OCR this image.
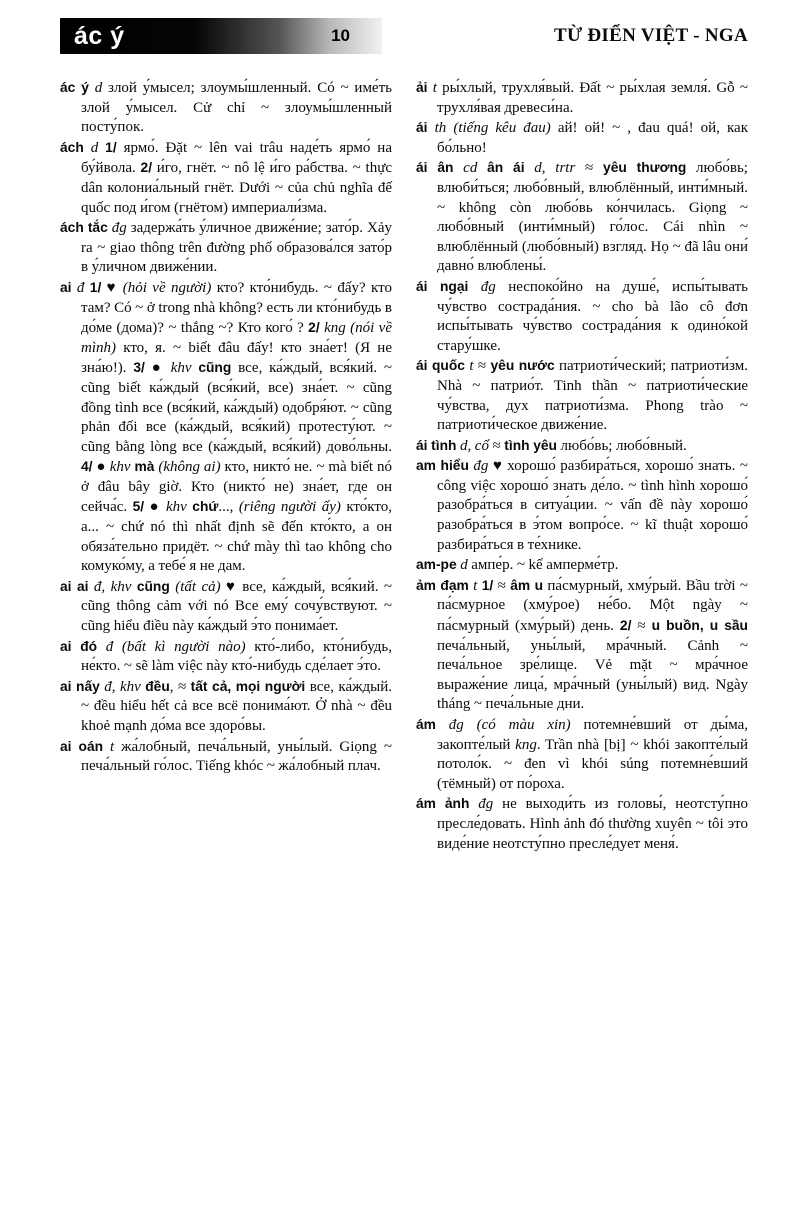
ác ý	10	TỪ ĐIỂN VIỆT - NGA

ác ý d злой у́мысел; злоумы́шленный. Có ~ име́ть злой у́мысел. Cử chỉ ~ злоумы́шленный посту́пок.

ách d 1/ ярмо́. Đặt ~ lên vai trâu наде́ть ярмо́ на бу́йвола. 2/ и́го, гнёт. ~ nô lệ и́го ра́бства. ~ thực dân колониа́льный гнёт. Dưới ~ của chủ nghĩa đế quốc под и́гом (гнётом) империали́зма.

ách tắc đg задержа́ть у́личное движе́ние; зато́р. Xảy ra ~ giao thông trên đường phố образова́лся зато́р в у́личном движе́нии.

ai đ 1/ ♥ (hỏi về người) кто? кто́нибудь. ~ đấy? кто там? Có ~ ở trong nhà không? есть ли кто́нибудь в до́ме (дома)? ~ thắng ~? Кто кого́ ? 2/ kng (nói về mình) кто, я. ~ biết đâu đấy! кто зна́ет! (Я не зна́ю!). 3/ ● khv cũng все, ка́ждый, вся́кий. ~ cũng biết ка́ждый (вся́кий, все) зна́ет. ~ cũng đồng tình все (вся́кий, ка́ждый) одобря́ют. ~ cũng phản đối все (ка́ждый, вся́кий) протесту́ют. ~ cũng bằng lòng все (ка́ждый, вся́кий) дово́льны. 4/ ● khv mà (không ai) кто, никто́ не. ~ mà biết nó ở đâu bây giờ. Кто (никто́ не) зна́ет, где он сейча́с. 5/ ● khv chứ..., (riêng người ấy) кто́кто, а... ~ chứ nó thì nhất định sẽ đến кто́кто, а он обяза́тельно придёт. ~ chứ mày thì tao không cho комуко́му, а тебе́ я не дам.

ai ai đ, khv cũng (tất cả) ♥ все, ка́ждый, вся́кий. ~ cũng thông cảm với nó Все ему́ сочу́вствуют. ~ cũng hiểu điều này ка́ждый э́то понима́ет.

ai đó đ (bất kì người nào) кто́-либо, кто́нибудь, не́кто. ~ sẽ làm việc này кто́-нибудь сде́лает э́то.

ai nấy đ, khv đều, ≈ tất cả, mọi người все, ка́ждый. ~ đều hiểu hết cả все всё понима́ют. Ở nhà ~ đều khoẻ mạnh до́ма все здоро́вы.

ai oán t жа́лобный, печа́льный, уны́лый. Giọng ~ печа́льный го́лос. Tiếng khóc ~ жа́лобный плач.

ải t ры́хлый, трухля́вый. Đất ~ ры́хлая земля́. Gỗ ~ трухля́вая древеси́на.

ái th (tiếng kêu đau) ай! ой! ~ , đau quá! ой, как бо́льно!

ái ân cd ân ái d, trtr ≈ yêu thương любо́вь; влюби́ться; любо́вный, влюблённый, инти́мный. ~ không còn любо́вь ко́нчилась. Giọng ~ любо́вный (инти́мный) го́лос. Cái nhìn ~ влюблённый (любо́вный) взгляд. Họ ~ đã lâu они́ давно́ влюблены́.

ái ngại đg неспоко́йно на душе́, испы́тывать чу́вство сострада́ния. ~ cho bà lão cô đơn испы́тывать чу́вство сострада́ния к одино́кой стару́шке.

ái quốc t ≈ yêu nước патриоти́ческий; патриоти́зм. Nhà ~ патрио́т. Tinh thần ~ патриоти́ческие чу́вства, дух патриоти́зма. Phong trào ~ патриоти́ческое движе́ние.

ái tình d, cổ ≈ tình yêu любо́вь; любо́вный.

am hiểu đg ♥ хорошо́ разбира́ться, хорошо́ знать. ~ công việc хорошо́ знать де́ло. ~ tình hình хорошо́ разобра́ться в ситуа́ции. ~ vấn đề này хорошо́ разобра́ться в э́том вопро́се. ~ kĩ thuật хорошо́ разбира́ться в те́хнике.

am-pe d ампе́р. ~ kế амперме́тр.

ảm đạm t 1/ ≈ âm u па́смурный, хму́рый. Bầu trời ~ па́смурное (хму́рое) не́бо. Một ngày ~ па́смурный (хму́рый) день. 2/ ≈ u buồn, u sầu печа́льный, уны́лый, мра́чный. Cảnh ~ печа́льное зре́лище. Vẻ mặt ~ мра́чное выраже́ние лица́, мра́чный (уны́лый) вид. Ngày tháng ~ печа́льные дни.

ám đg (có màu xin) потемне́вший от ды́ма, закопте́лый kng. Trần nhà [bị] ~ khói закопте́лый потоло́к. ~ đen vì khói súng потемне́вший (тёмный) от по́роха.

ám ảnh đg не выходи́ть из головы́, неотсту́пно пресле́довать. Hình ảnh đó thường xuyên ~ tôi это виде́ние неотсту́пно пресле́дует меня́.
